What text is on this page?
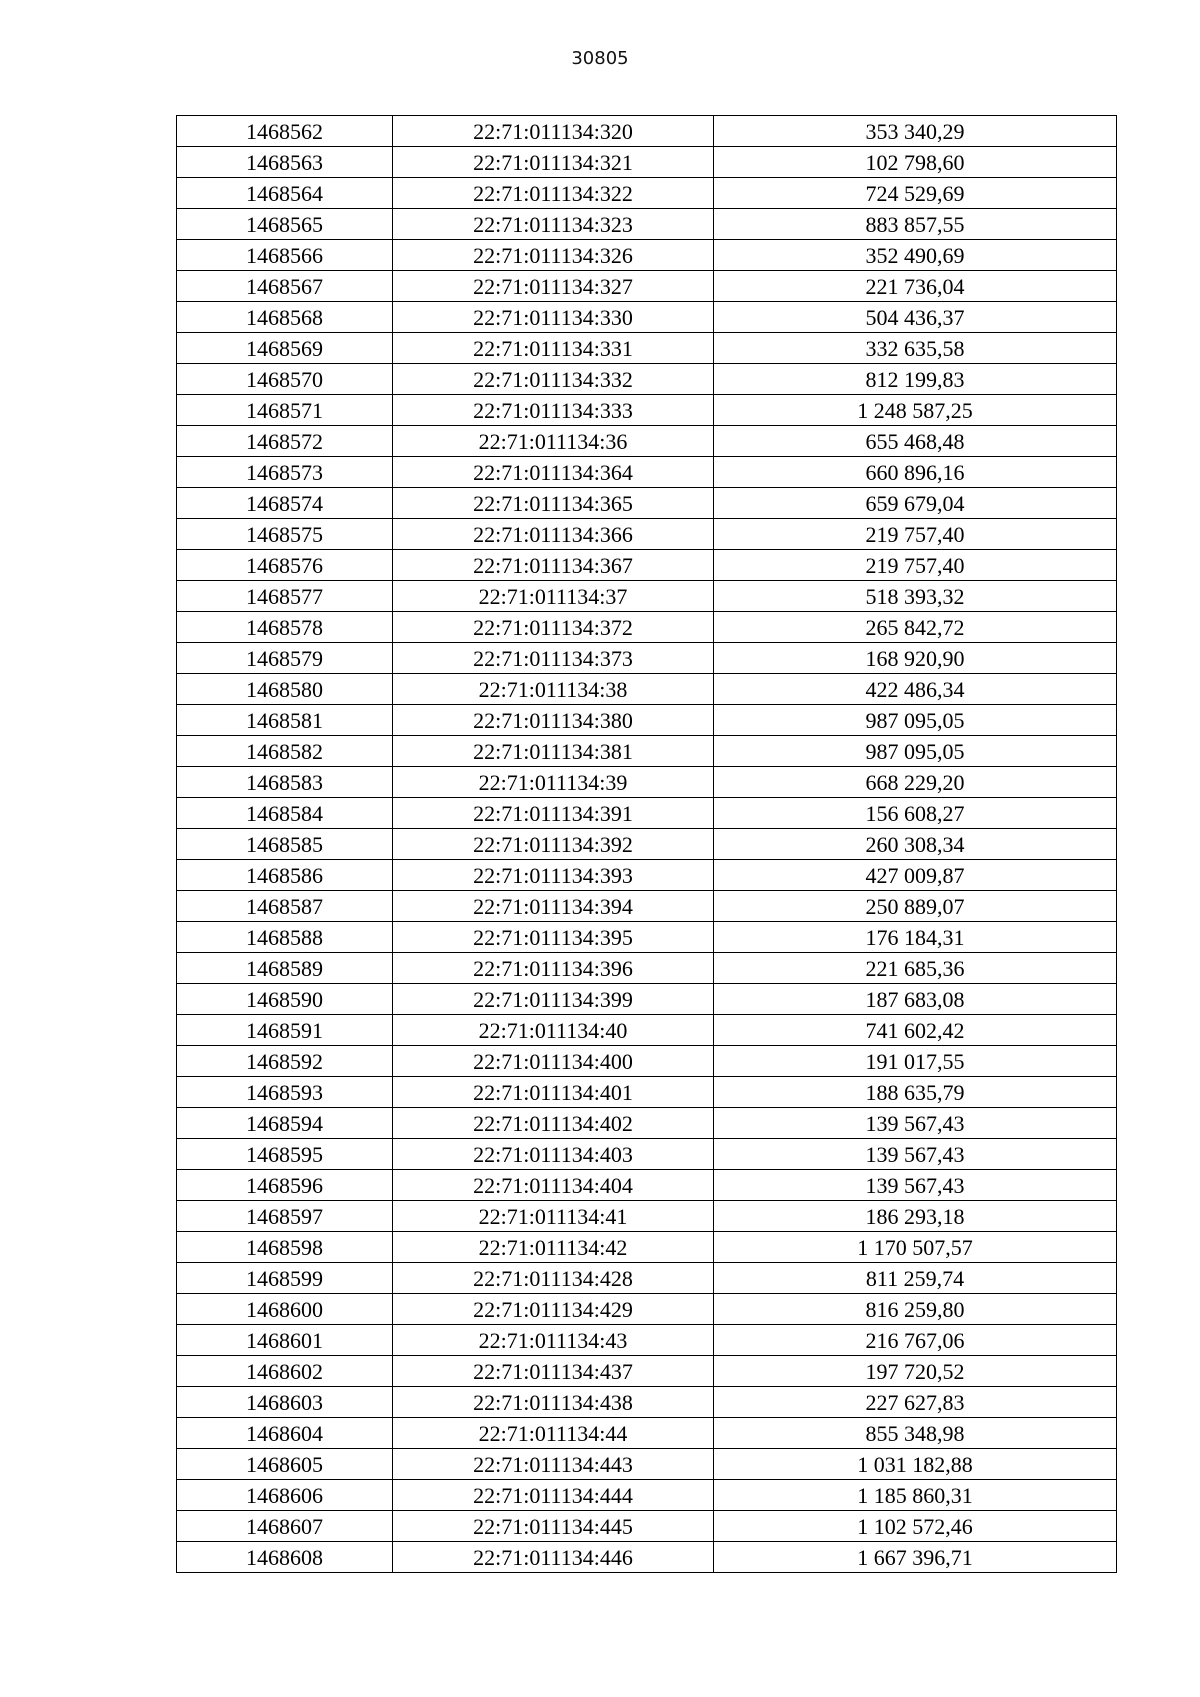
30805
1468562	22:71:011134:320	353 340,29
1468563	22:71:011134:321	102 798,60
1468564	22:71:011134:322	724 529,69
1468565	22:71:011134:323	883 857,55
1468566	22:71:011134:326	352 490,69
1468567	22:71:011134:327	221 736,04
1468568	22:71:011134:330	504 436,37
1468569	22:71:011134:331	332 635,58
1468570	22:71:011134:332	812 199,83
1468571	22:71:011134:333	1 248 587,25
1468572	22:71:011134:36	655 468,48
1468573	22:71:011134:364	660 896,16
1468574	22:71:011134:365	659 679,04
1468575	22:71:011134:366	219 757,40
1468576	22:71:011134:367	219 757,40
1468577	22:71:011134:37	518 393,32
1468578	22:71:011134:372	265 842,72
1468579	22:71:011134:373	168 920,90
1468580	22:71:011134:38	422 486,34
1468581	22:71:011134:380	987 095,05
1468582	22:71:011134:381	987 095,05
1468583	22:71:011134:39	668 229,20
1468584	22:71:011134:391	156 608,27
1468585	22:71:011134:392	260 308,34
1468586	22:71:011134:393	427 009,87
1468587	22:71:011134:394	250 889,07
1468588	22:71:011134:395	176 184,31
1468589	22:71:011134:396	221 685,36
1468590	22:71:011134:399	187 683,08
1468591	22:71:011134:40	741 602,42
1468592	22:71:011134:400	191 017,55
1468593	22:71:011134:401	188 635,79
1468594	22:71:011134:402	139 567,43
1468595	22:71:011134:403	139 567,43
1468596	22:71:011134:404	139 567,43
1468597	22:71:011134:41	186 293,18
1468598	22:71:011134:42	1 170 507,57
1468599	22:71:011134:428	811 259,74
1468600	22:71:011134:429	816 259,80
1468601	22:71:011134:43	216 767,06
1468602	22:71:011134:437	197 720,52
1468603	22:71:011134:438	227 627,83
1468604	22:71:011134:44	855 348,98
1468605	22:71:011134:443	1 031 182,88
1468606	22:71:011134:444	1 185 860,31
1468607	22:71:011134:445	1 102 572,46
1468608	22:71:011134:446	1 667 396,71
